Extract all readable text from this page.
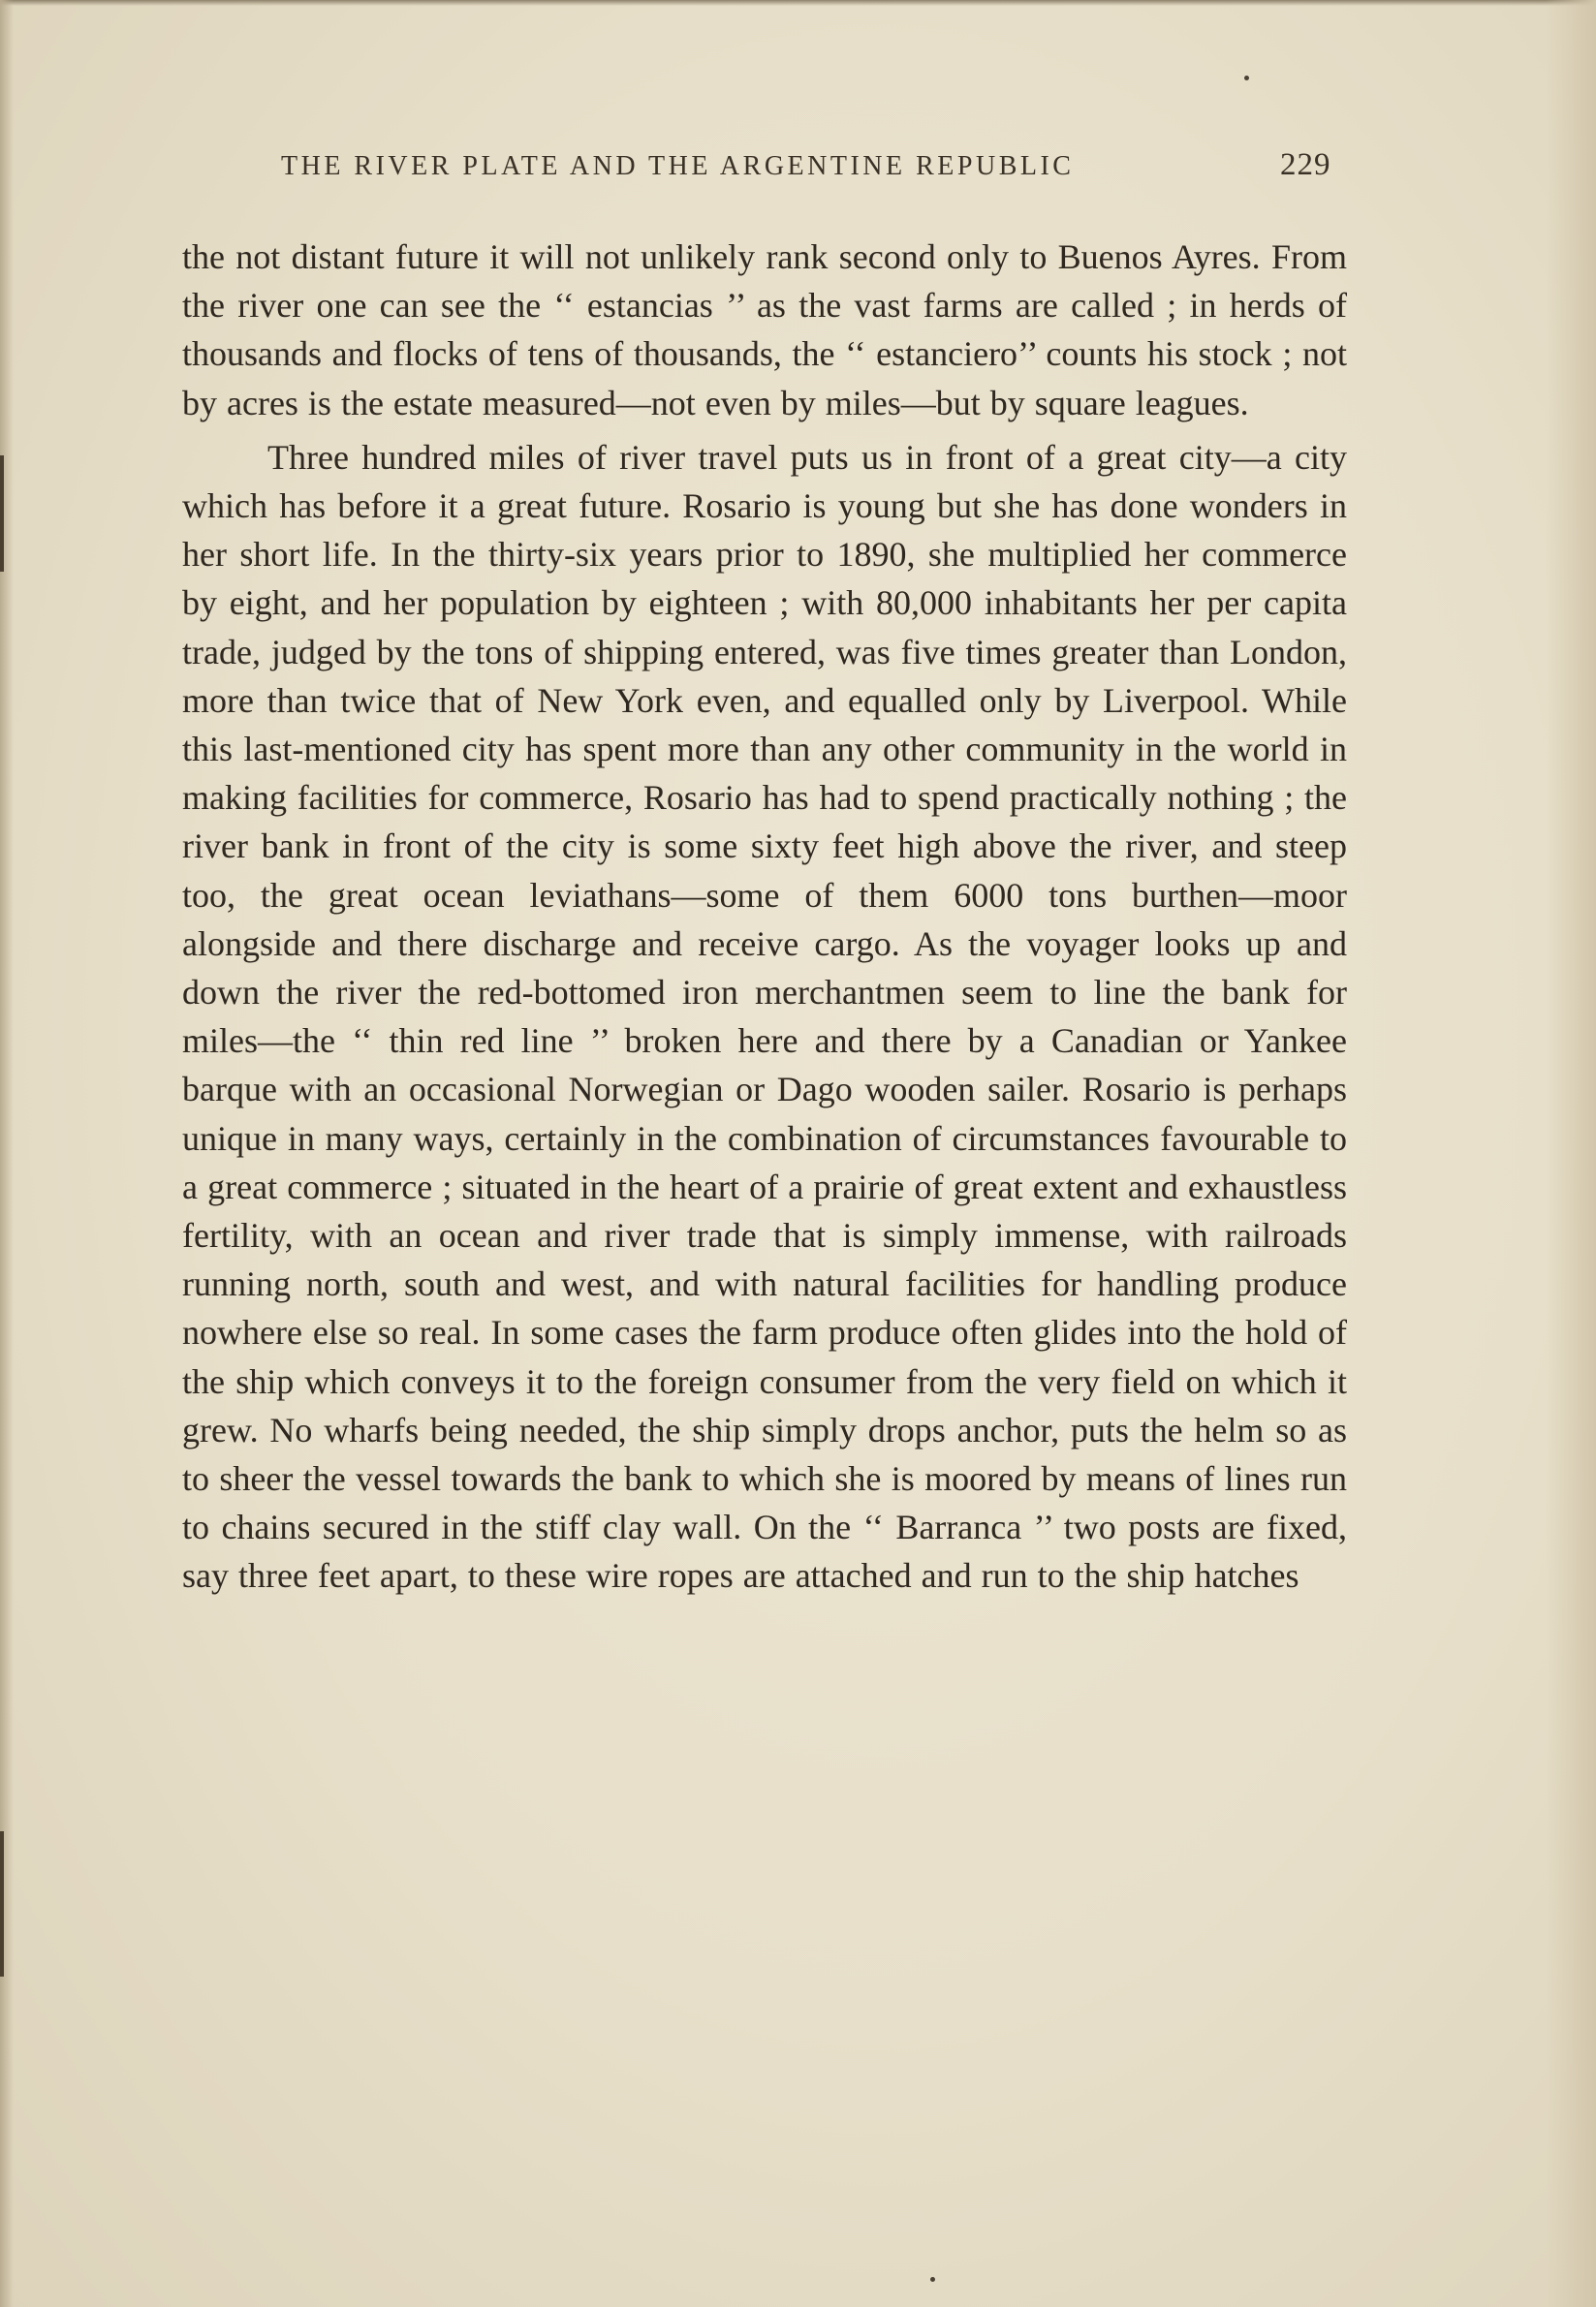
THE RIVER PLATE AND THE ARGENTINE REPUBLIC	229

the not distant future it will not unlikely rank second only to Buenos Ayres. From the river one can see the ‘‘ estancias ’’ as the vast farms are called ; in herds of thousands and flocks of tens of thousands, the ‘‘ estanciero’’ counts his stock ; not by acres is the estate measured—not even by miles—but by square leagues.

Three hundred miles of river travel puts us in front of a great city—a city which has before it a great future. Rosario is young but she has done wonders in her short life. In the thirty-six years prior to 1890, she multiplied her commerce by eight, and her population by eighteen ; with 80,000 inhabitants her per capita trade, judged by the tons of shipping entered, was five times greater than London, more than twice that of New York even, and equalled only by Liverpool. While this last-mentioned city has spent more than any other community in the world in making facilities for commerce, Rosario has had to spend practically nothing ; the river bank in front of the city is some sixty feet high above the river, and steep too, the great ocean leviathans—some of them 6000 tons burthen—moor alongside and there discharge and receive cargo. As the voyager looks up and down the river the red-bottomed iron merchantmen seem to line the bank for miles—the ‘‘ thin red line ’’ broken here and there by a Canadian or Yankee barque with an occasional Norwegian or Dago wooden sailer. Rosario is perhaps unique in many ways, certainly in the combination of circumstances favourable to a great commerce ; situated in the heart of a prairie of great extent and exhaustless fertility, with an ocean and river trade that is simply immense, with railroads running north, south and west, and with natural facilities for handling produce nowhere else so real. In some cases the farm produce often glides into the hold of the ship which conveys it to the foreign consumer from the very field on which it grew. No wharfs being needed, the ship simply drops anchor, puts the helm so as to sheer the vessel towards the bank to which she is moored by means of lines run to chains secured in the stiff clay wall. On the ‘‘ Barranca ’’ two posts are fixed, say three feet apart, to these wire ropes are attached and run to the ship hatches
